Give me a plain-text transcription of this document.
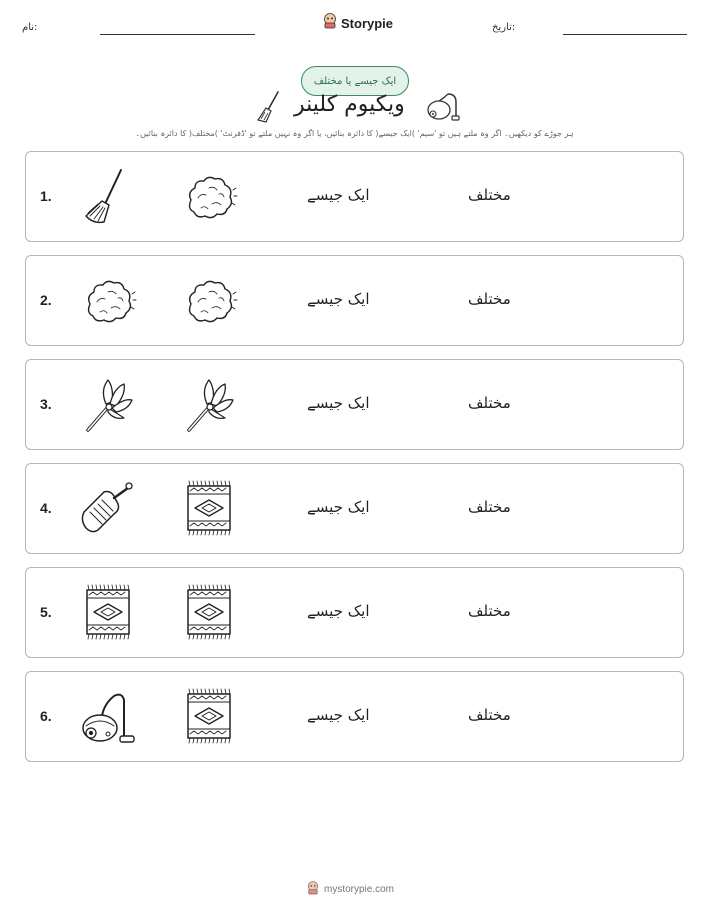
نام:	Storypie	تاریخ:
ایک جیسے یا مختلف
ویکیوم کلینر
ہر جوڑے کو دیکھیں۔ اگر وہ ملتے ہیں تو 'سیم' )ایک جیسے( کا دائرہ بنائیں، یا اگر وہ نہیں ملتے تو 'ڈفرنٹ' )مختلف( کا دائرہ بنائیں۔
1.	ایک جیسے	مختلف
2.	ایک جیسے	مختلف
3.	ایک جیسے	مختلف
4.	ایک جیسے	مختلف
5.	ایک جیسے	مختلف
6.	ایک جیسے	مختلف
mystorypie.com
